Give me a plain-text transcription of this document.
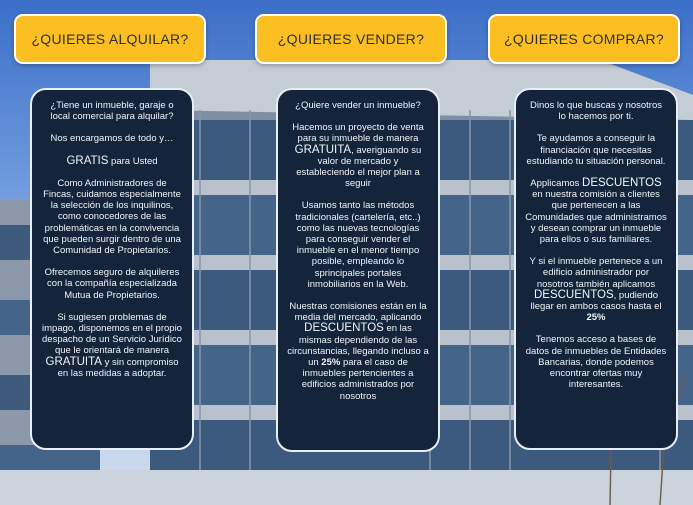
¿QUIERES ALQUILAR?	¿QUIERES VENDER?	¿QUIERES COMPRAR?

¿Tiene un inmueble, garaje o local comercial para alquilar?

Nos encargamos de todo y…

GRATIS para Usted

Como Administradores de Fincas, cuidamos especialmente la selección de los inquilinos, como conocedores de las problemáticas en la convivencia que pueden surgir dentro de una Comunidad de Propietarios.

Ofrecemos seguro de alquileres con la compañía especializada Mutua de Propietarios.

Si sugiesen problemas de impago, disponemos en el propio despacho de un Servicio Jurídico que le orientará de manera
GRATUITA y sin compromiso en las medidas a adoptar.

¿Quiere vender un inmueble?

Hacemos un proyecto de venta para su inmueble de manera GRATUITA, averiguando su valor de mercado y estableciendo el mejor plan a seguir

Usamos tanto las métodos tradicionales (cartelería, etc..) como las nuevas tecnologías para conseguir vender el inmueble en el menor tiempo posible, empleando lo sprincipales portales inmobiliarios en la Web.

Nuestras comisiones están en la media del mercado, aplicando DESCUENTOS en las mismas dependiendo de las circunstancias, llegando incluso a un 25% para el caso de inmuebles pertencientes a edificios administrados por nosotros

Dinos lo que buscas y nosotros lo hacemos por ti.

Te ayudamos a conseguir la financiación que necesitas estudiando tu situación personal.

Applicamos DESCUENTOS en nuestra comisión a clientes que pertenecen a las Comunidades que administramos y desean comprar un inmueble para ellos o sus familiares.

Y si el inmueble pertenece a un edificio administrador por nosotros también aplicamos DESCUENTOS, pudiendo llegar en ambos casos hasta el 25%

Tenemos acceso a bases de datos de inmuebles de Entidades Bancarias, donde podemos encontrar ofertas muy interesantes.
